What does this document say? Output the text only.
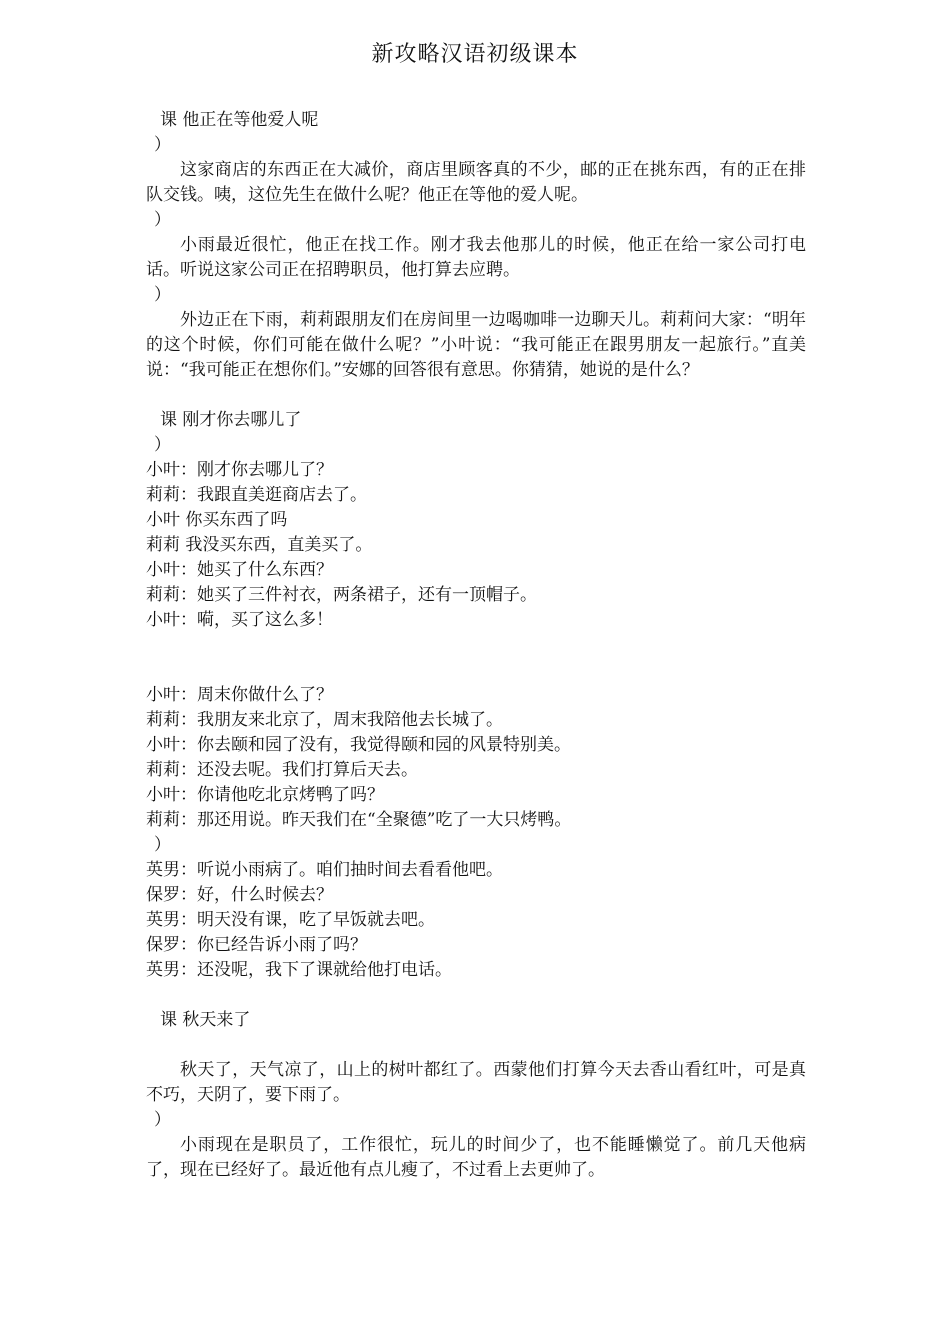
新攻略汉语初级课本
课 他正在等他爱人呢
）
这家商店的东西正在大减价，商店里顾客真的不少，邮的正在挑东西，有的正在排队交钱。咦，这位先生在做什么呢？他正在等他的爱人呢。
）
小雨最近很忙，他正在找工作。刚才我去他那儿的时候，他正在给一家公司打电话。听说这家公司正在招聘职员，他打算去应聘。
）
外边正在下雨，莉莉跟朋友们在房间里一边喝咖啡一边聊天儿。莉莉问大家：“明年的这个时候，你们可能在做什么呢？”小叶说：“我可能正在跟男朋友一起旅行。”直美说：“我可能正在想你们。”安娜的回答很有意思。你猜猜，她说的是什么？
课 刚才你去哪儿了
）
小叶：刚才你去哪儿了？
莉莉：我跟直美逛商店去了。
小叶 你买东西了吗
莉莉 我没买东西，直美买了。
小叶：她买了什么东西？
莉莉：她买了三件衬衣，两条裙子，还有一顶帽子。
小叶：嗬，买了这么多！
小叶：周末你做什么了？
莉莉：我朋友来北京了，周末我陪他去长城了。
小叶：你去颐和园了没有，我觉得颐和园的风景特别美。
莉莉：还没去呢。我们打算后天去。
小叶：你请他吃北京烤鸭了吗？
莉莉：那还用说。昨天我们在“全聚德”吃了一大只烤鸭。
）
英男：听说小雨病了。咱们抽时间去看看他吧。
保罗：好，什么时候去？
英男：明天没有课，吃了早饭就去吧。
保罗：你已经告诉小雨了吗？
英男：还没呢，我下了课就给他打电话。
课 秋天来了
秋天了，天气凉了，山上的树叶都红了。西蒙他们打算今天去香山看红叶，可是真不巧，天阴了，要下雨了。
）
小雨现在是职员了，工作很忙，玩儿的时间少了，也不能睡懒觉了。前几天他病了，现在已经好了。最近他有点儿瘦了，不过看上去更帅了。
